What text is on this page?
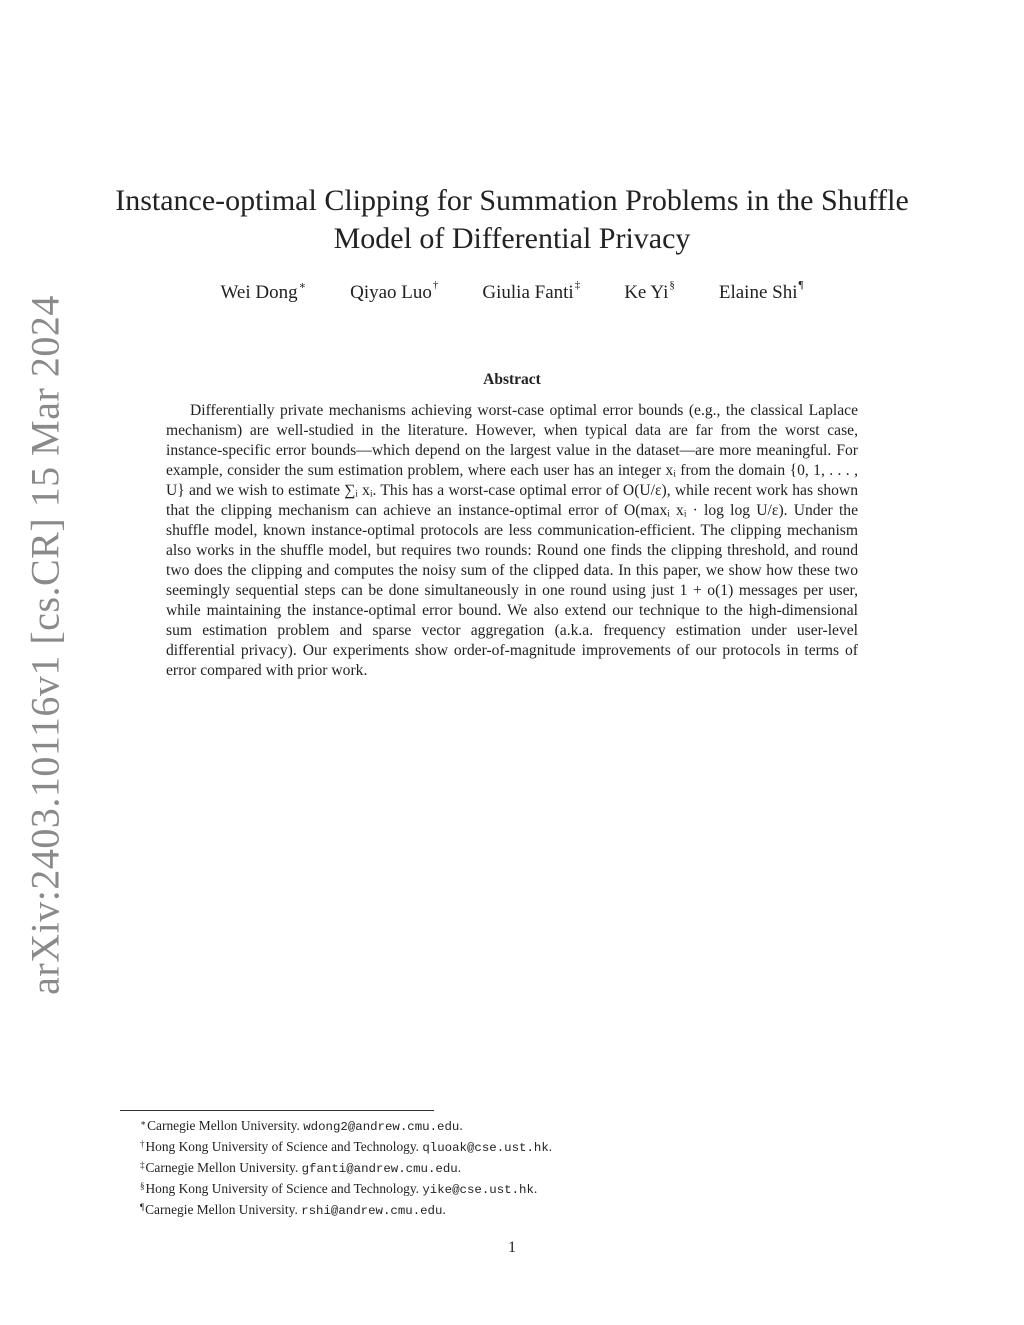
arXiv:2403.10116v1 [cs.CR] 15 Mar 2024
Instance-optimal Clipping for Summation Problems in the Shuffle Model of Differential Privacy
Wei Dong∗ Qiyao Luo† Giulia Fanti‡ Ke Yi§ Elaine Shi¶
Abstract
Differentially private mechanisms achieving worst-case optimal error bounds (e.g., the classical Laplace mechanism) are well-studied in the literature. However, when typical data are far from the worst case, instance-specific error bounds—which depend on the largest value in the dataset—are more meaningful. For example, consider the sum estimation problem, where each user has an integer xᵢ from the domain {0, 1, . . . , U} and we wish to estimate ∑ᵢ xᵢ. This has a worst-case optimal error of O(U/ε), while recent work has shown that the clipping mechanism can achieve an instance-optimal error of O(maxᵢ xᵢ · log log U/ε). Under the shuffle model, known instance-optimal protocols are less communication-efficient. The clipping mechanism also works in the shuffle model, but requires two rounds: Round one finds the clipping threshold, and round two does the clipping and computes the noisy sum of the clipped data. In this paper, we show how these two seemingly sequential steps can be done simultaneously in one round using just 1 + o(1) messages per user, while maintaining the instance-optimal error bound. We also extend our technique to the high-dimensional sum estimation problem and sparse vector aggregation (a.k.a. frequency estimation under user-level differential privacy). Our experiments show order-of-magnitude improvements of our protocols in terms of error compared with prior work.
∗Carnegie Mellon University. wdong2@andrew.cmu.edu.
†Hong Kong University of Science and Technology. qluoak@cse.ust.hk.
‡Carnegie Mellon University. gfanti@andrew.cmu.edu.
§Hong Kong University of Science and Technology. yike@cse.ust.hk.
¶Carnegie Mellon University. rshi@andrew.cmu.edu.
1
